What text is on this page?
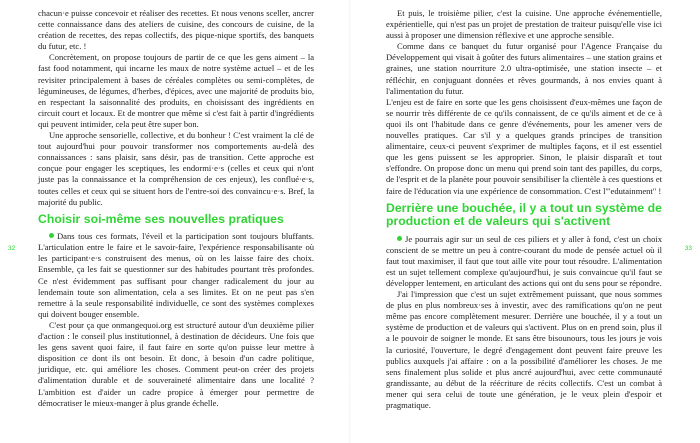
32

chacun·e puisse concevoir et réaliser des recettes. Et nous venons sceller, ancrer cette connaissance dans des ateliers de cuisine, des concours de cuisine, de la création de recettes, des repas collectifs, des pique-nique sportifs, des banquets du futur, etc. !

Concrètement, on propose toujours de partir de ce que les gens aiment – la fast food notamment, qui incarne les maux de notre système actuel – et de les revisiter principalement à bases de céréales complètes ou semi-complètes, de légumineuses, de légumes, d'herbes, d'épices, avec une majorité de produits bio, en respectant la saisonnalité des produits, en choisissant des ingrédients en circuit court et locaux. Et de montrer que même si c'est fait à partir d'ingrédients qui peuvent intimider, cela peut être super bon.

Une approche sensorielle, collective, et du bonheur ! C'est vraiment la clé de tout aujourd'hui pour pouvoir transformer nos comportements au-delà des connaissances : sans plaisir, sans désir, pas de transition. Cette approche est conçue pour engager les sceptiques, les endormi·e·s (celles et ceux qui n'ont juste pas la connaissance et la compréhension de ces enjeux), les conflué·e·s, toutes celles et ceux qui se situent hors de l'entre-soi des convaincu·e·s. Bref, la majorité du public.

Choisir soi-même ses nouvelles pratiques

Dans tous ces formats, l'éveil et la participation sont toujours bluffants. L'articulation entre le faire et le savoir-faire, l'expérience responsabilisante où les participant·e·s construisent des menus, où on les laisse faire des choix. Ensemble, ça les fait se questionner sur des habitudes pourtant très profondes. Ce n'est évidemment pas suffisant pour changer radicalement du jour au lendemain toute son alimentation, cela a ses limites. Et on ne peut pas s'en remettre à la seule responsabilité individuelle, ce sont des systèmes complexes qui doivent bouger ensemble.

C'est pour ça que onmangequoi.org est structuré autour d'un deuxième pilier d'action : le conseil plus institutionnel, à destination de décideurs. Une fois que les gens savent quoi faire, il faut faire en sorte qu'on puisse leur mettre à disposition ce dont ils ont besoin. Et donc, à besoin d'un cadre politique, juridique, etc. qui améliore les choses. Comment peut-on créer des projets d'alimentation durable et de souveraineté alimentaire dans une localité ? L'ambition est d'aider un cadre propice à émerger pour permettre de démocratiser le mieux-manger à plus grande échelle.

33

Et puis, le troisième pilier, c'est la cuisine. Une approche événementielle, expérientielle, qui n'est pas un projet de prestation de traiteur puisqu'elle vise ici aussi à proposer une dimension réflexive et une approche sensible.

Comme dans ce banquet du futur organisé pour l'Agence Française du Développement qui visait à goûter des futurs alimentaires – une station grains et graines, une station nourriture 2.0 ultra-optimisée, une station insecte – et réfléchir, en conjuguant données et rêves gourmands, à nos envies quant à l'alimentation du futur.

L'enjeu est de faire en sorte que les gens choisissent d'eux-mêmes une façon de se nourrir très différente de ce qu'ils connaissent, de ce qu'ils aiment et de ce à quoi ils ont l'habitude dans ce genre d'événements, pour les amener vers de nouvelles pratiques. Car s'il y a quelques grands principes de transition alimentaire, ceux-ci peuvent s'exprimer de multiples façons, et il est essentiel que les gens puissent se les approprier. Sinon, le plaisir disparaît et tout s'effondre. On propose donc un menu qui prend soin tant des papilles, du corps, de l'esprit et de la planète pour pouvoir sensibiliser la clientèle à ces questions et faire de l'éducation via une expérience de consommation. C'est l'"edutainment" !

Derrière une bouchée, il y a tout un système de production et de valeurs qui s'activent

Je pourrais agir sur un seul de ces piliers et y aller à fond, c'est un choix conscient de se mettre un peu à contre-courant du mode de pensée actuel où il faut tout maximiser, il faut que tout aille vite pour tout résoudre. L'alimentation est un sujet tellement complexe qu'aujourd'hui, je suis convaincue qu'il faut se développer lentement, en articulant des actions qui ont du sens pour se répondre.

J'ai l'impression que c'est un sujet extrêmement puissant, que nous sommes de plus en plus nombreux·ses à investir, avec des ramifications qu'on ne peut même pas encore complètement mesurer. Derrière une bouchée, il y a tout un système de production et de valeurs qui s'activent. Plus on en prend soin, plus il a le pouvoir de soigner le monde. Et sans être bisounours, tous les jours je vois la curiosité, l'ouverture, le degré d'engagement dont peuvent faire preuve les publics auxquels j'ai affaire : on a la possibilité d'améliorer les choses. Je me sens finalement plus solide et plus ancré aujourd'hui, avec cette communauté grandissante, au début de la réécriture de récits collectifs. C'est un combat à mener qui sera celui de toute une génération, je le veux plein d'espoir et pragmatique.
